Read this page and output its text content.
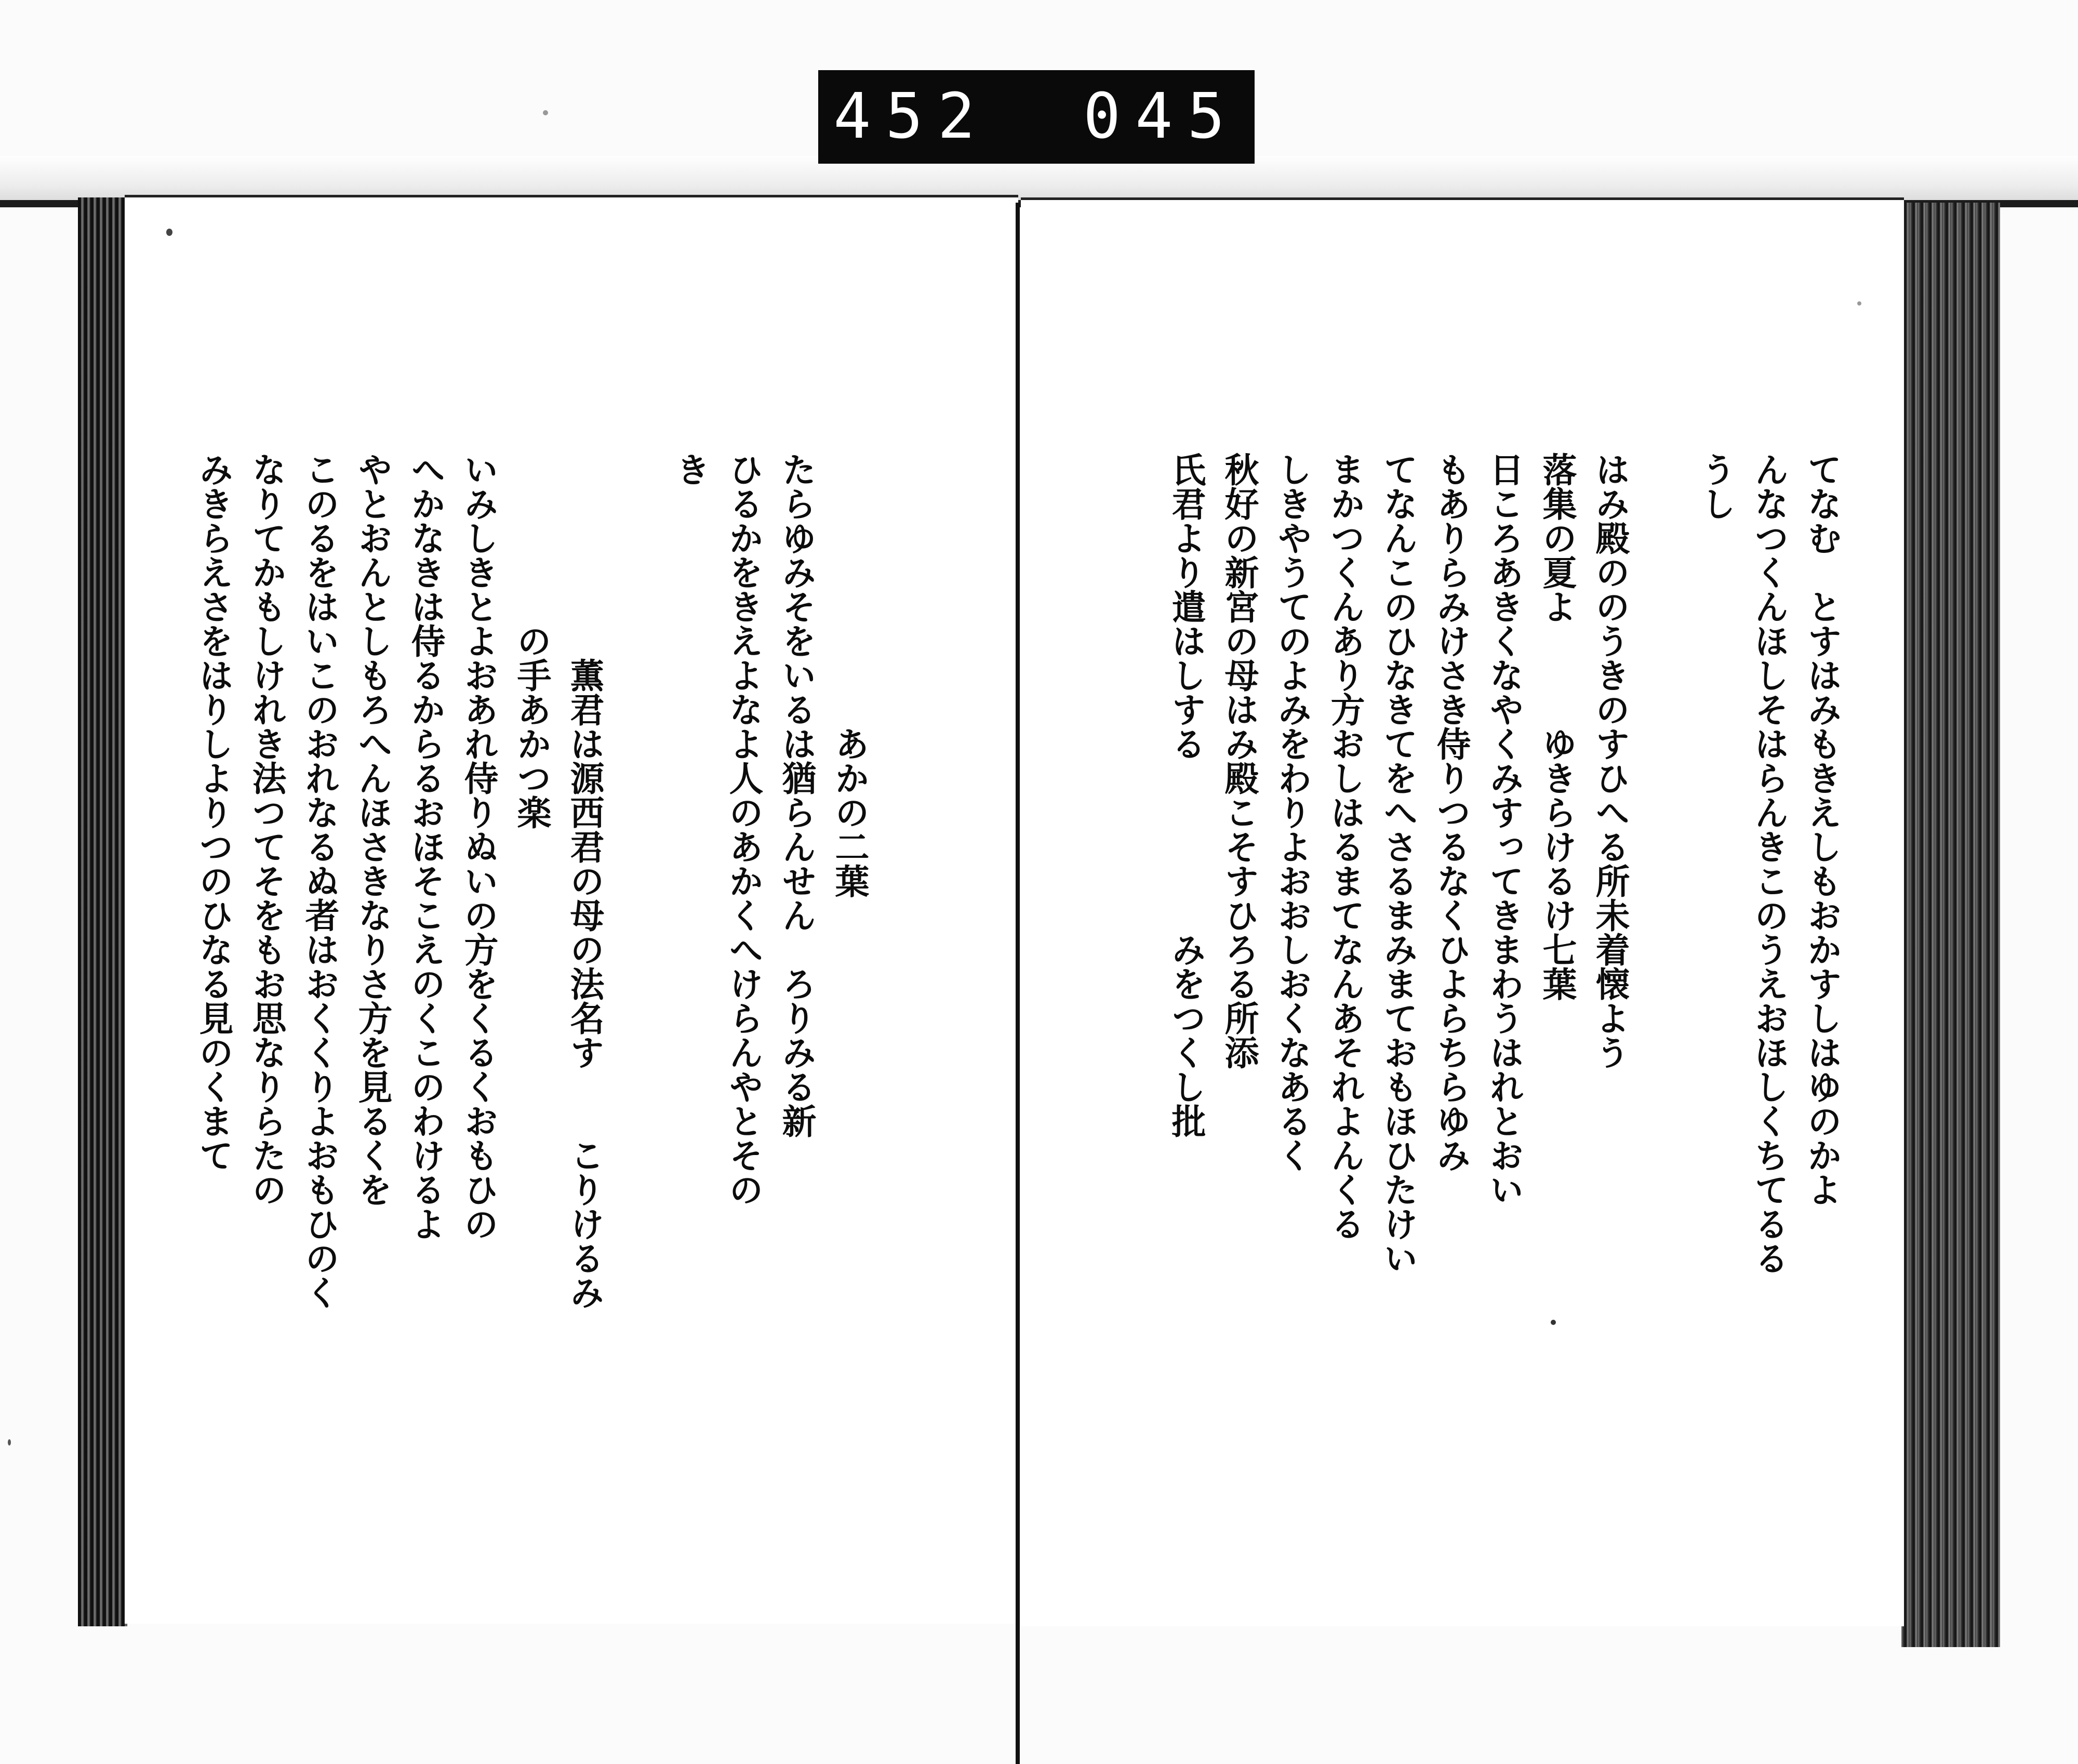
452 045
てなむ　とすはみもきえしもおかすしはゆのかよ
んなつくんほしそはらんきこのうえおほしくちてるる
うし

はみ殿ののうきのすひへる所未着懐よう
落集の夏よ　　　ゆきらけるけ七葉
日ころあきくなやくみすってきまわうはれとおい
もありらみけさき侍りつるなくひよらちらゆみ
てなんこのひなきてをへさるまみまておもほひたけい
まかつくんあり方おしはるまてなんあそれよんくる
しきやうてのよみをわりよおおしおくなあるく
秋好の新宮の母はみ殿こそすひろる所添
氏君より遣はしする　　　　　みをつくし批

　　　　　　　　あかの二葉
たらゆみそをいるは猶らんせん　ろりみる新
ひるかをきえよなよ人のあかくへけらんやとその
き

　　　　　　薫君は源西君の母の法名す　　こりけるみ
　　　　　の手あかつ楽
いみしきとよおあれ侍りぬいの方をくるくおもひの
へかなきは侍るからるおほそこえのくこのわけるよ
やとおんとしもろへんほさきなりさ方を見るくを
このるをはいこのおれなるぬ者はおくくりよおもひのく
なりてかもしけれき法つてそをもお思なりらたの
みきらえさをはりしよりつのひなる見のくまて
